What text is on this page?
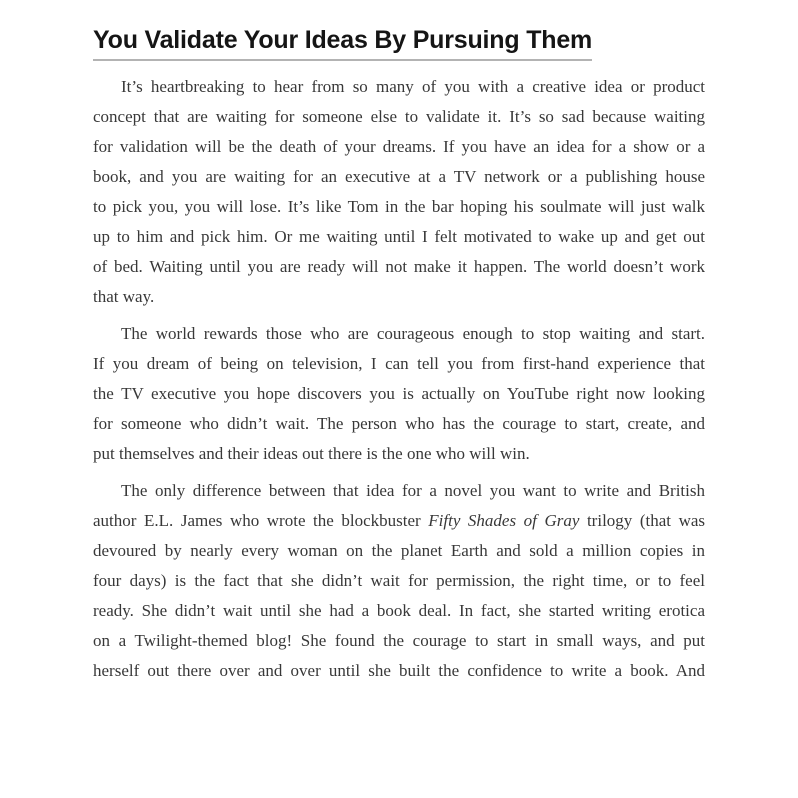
You Validate Your Ideas By Pursuing Them

It’s heartbreaking to hear from so many of you with a creative idea or product
concept that are waiting for someone else to validate it. It’s so sad because waiting
for validation will be the death of your dreams. If you have an idea for a show or a
book, and you are waiting for an executive at a TV network or a publishing house
to pick you, you will lose. It’s like Tom in the bar hoping his soulmate will just walk
up to him and pick him. Or me waiting until I felt motivated to wake up and get out
of bed. Waiting until you are ready will not make it happen. The world doesn’t work
that way.

The world rewards those who are courageous enough to stop waiting and start.
If you dream of being on television, I can tell you from first-hand experience that
the TV executive you hope discovers you is actually on YouTube right now looking
for someone who didn’t wait. The person who has the courage to start, create, and
put themselves and their ideas out there is the one who will win.

The only difference between that idea for a novel you want to write and British
author E.L. James who wrote the blockbuster Fifty Shades of Gray trilogy (that was
devoured by nearly every woman on the planet Earth and sold a million copies in
four days) is the fact that she didn’t wait for permission, the right time, or to feel
ready. She didn’t wait until she had a book deal. In fact, she started writing erotica
on a Twilight-themed blog! She found the courage to start in small ways, and put
herself out there over and over until she built the confidence to write a book. And
